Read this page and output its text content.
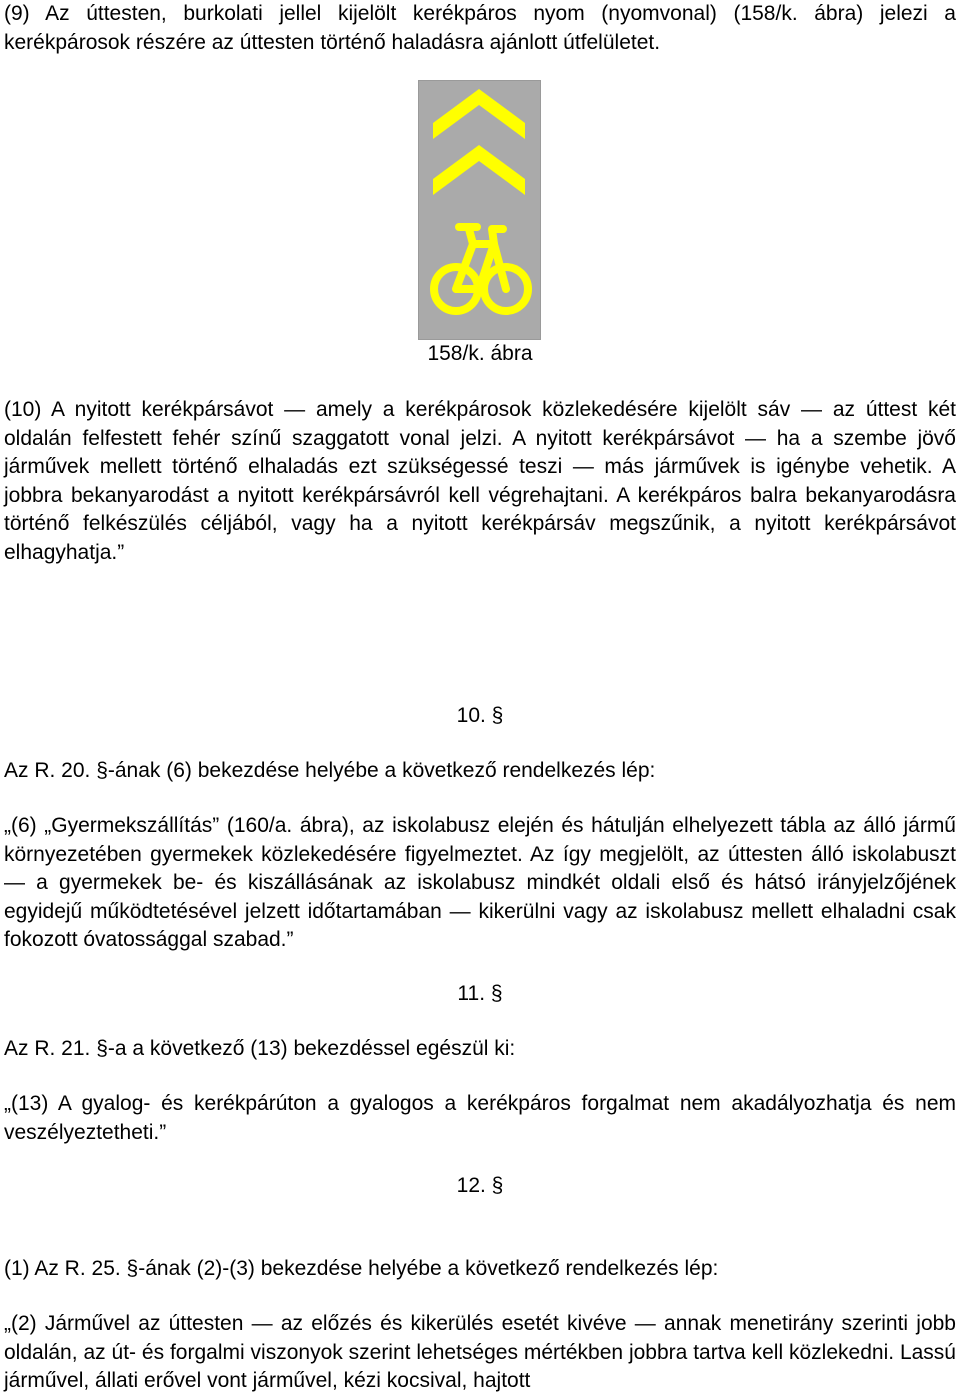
(9) Az úttesten, burkolati jellel kijelölt kerékpáros nyom (nyomvonal) (158/k. ábra) jelezi a kerékpárosok részére az úttesten történő haladásra ajánlott útfelületet.

158/k. ábra

(10) A nyitott kerékpársávot ― amely a kerékpárosok közlekedésére kijelölt sáv ― az úttest két oldalán felfestett fehér színű szaggatott vonal jelzi. A nyitott kerékpársávot ― ha a szembe jövő járművek mellett történő elhaladás ezt szükségessé teszi ― más járművek is igénybe vehetik. A jobbra bekanyarodást a nyitott kerékpársávról kell végrehajtani. A kerékpáros balra bekanyarodásra történő felkészülés céljából, vagy ha a nyitott kerékpársáv megszűnik, a nyitott kerékpársávot elhagyhatja.”

10. §
Az R. 20. §-ának (6) bekezdése helyébe a következő rendelkezés lép:

„(6) „Gyermekszállítás” (160/a. ábra), az iskolabusz elején és hátulján elhelyezett tábla az álló jármű környezetében gyermekek közlekedésére figyelmeztet. Az így megjelölt, az úttesten álló iskolabuszt ― a gyermekek be- és kiszállásának az iskolabusz mindkét oldali első és hátsó irányjelzőjének egyidejű működtetésével jelzett időtartamában ― kikerülni vagy az iskolabusz mellett elhaladni csak fokozott óvatossággal szabad.”

11. §
Az R. 21. §-a a következő (13) bekezdéssel egészül ki:

„(13) A gyalog- és kerékpárúton a gyalogos a kerékpáros forgalmat nem akadályozhatja és nem veszélyeztetheti.”

12. §
(1) Az R. 25. §-ának (2)-(3) bekezdése helyébe a következő rendelkezés lép:

„(2) Járművel az úttesten ― az előzés és kikerülés esetét kivéve ― annak menetirány szerinti jobb oldalán, az út- és forgalmi viszonyok szerint lehetséges mértékben jobbra tartva kell közlekedni. Lassú járművel, állati erővel vont járművel, kézi kocsival, hajtott
